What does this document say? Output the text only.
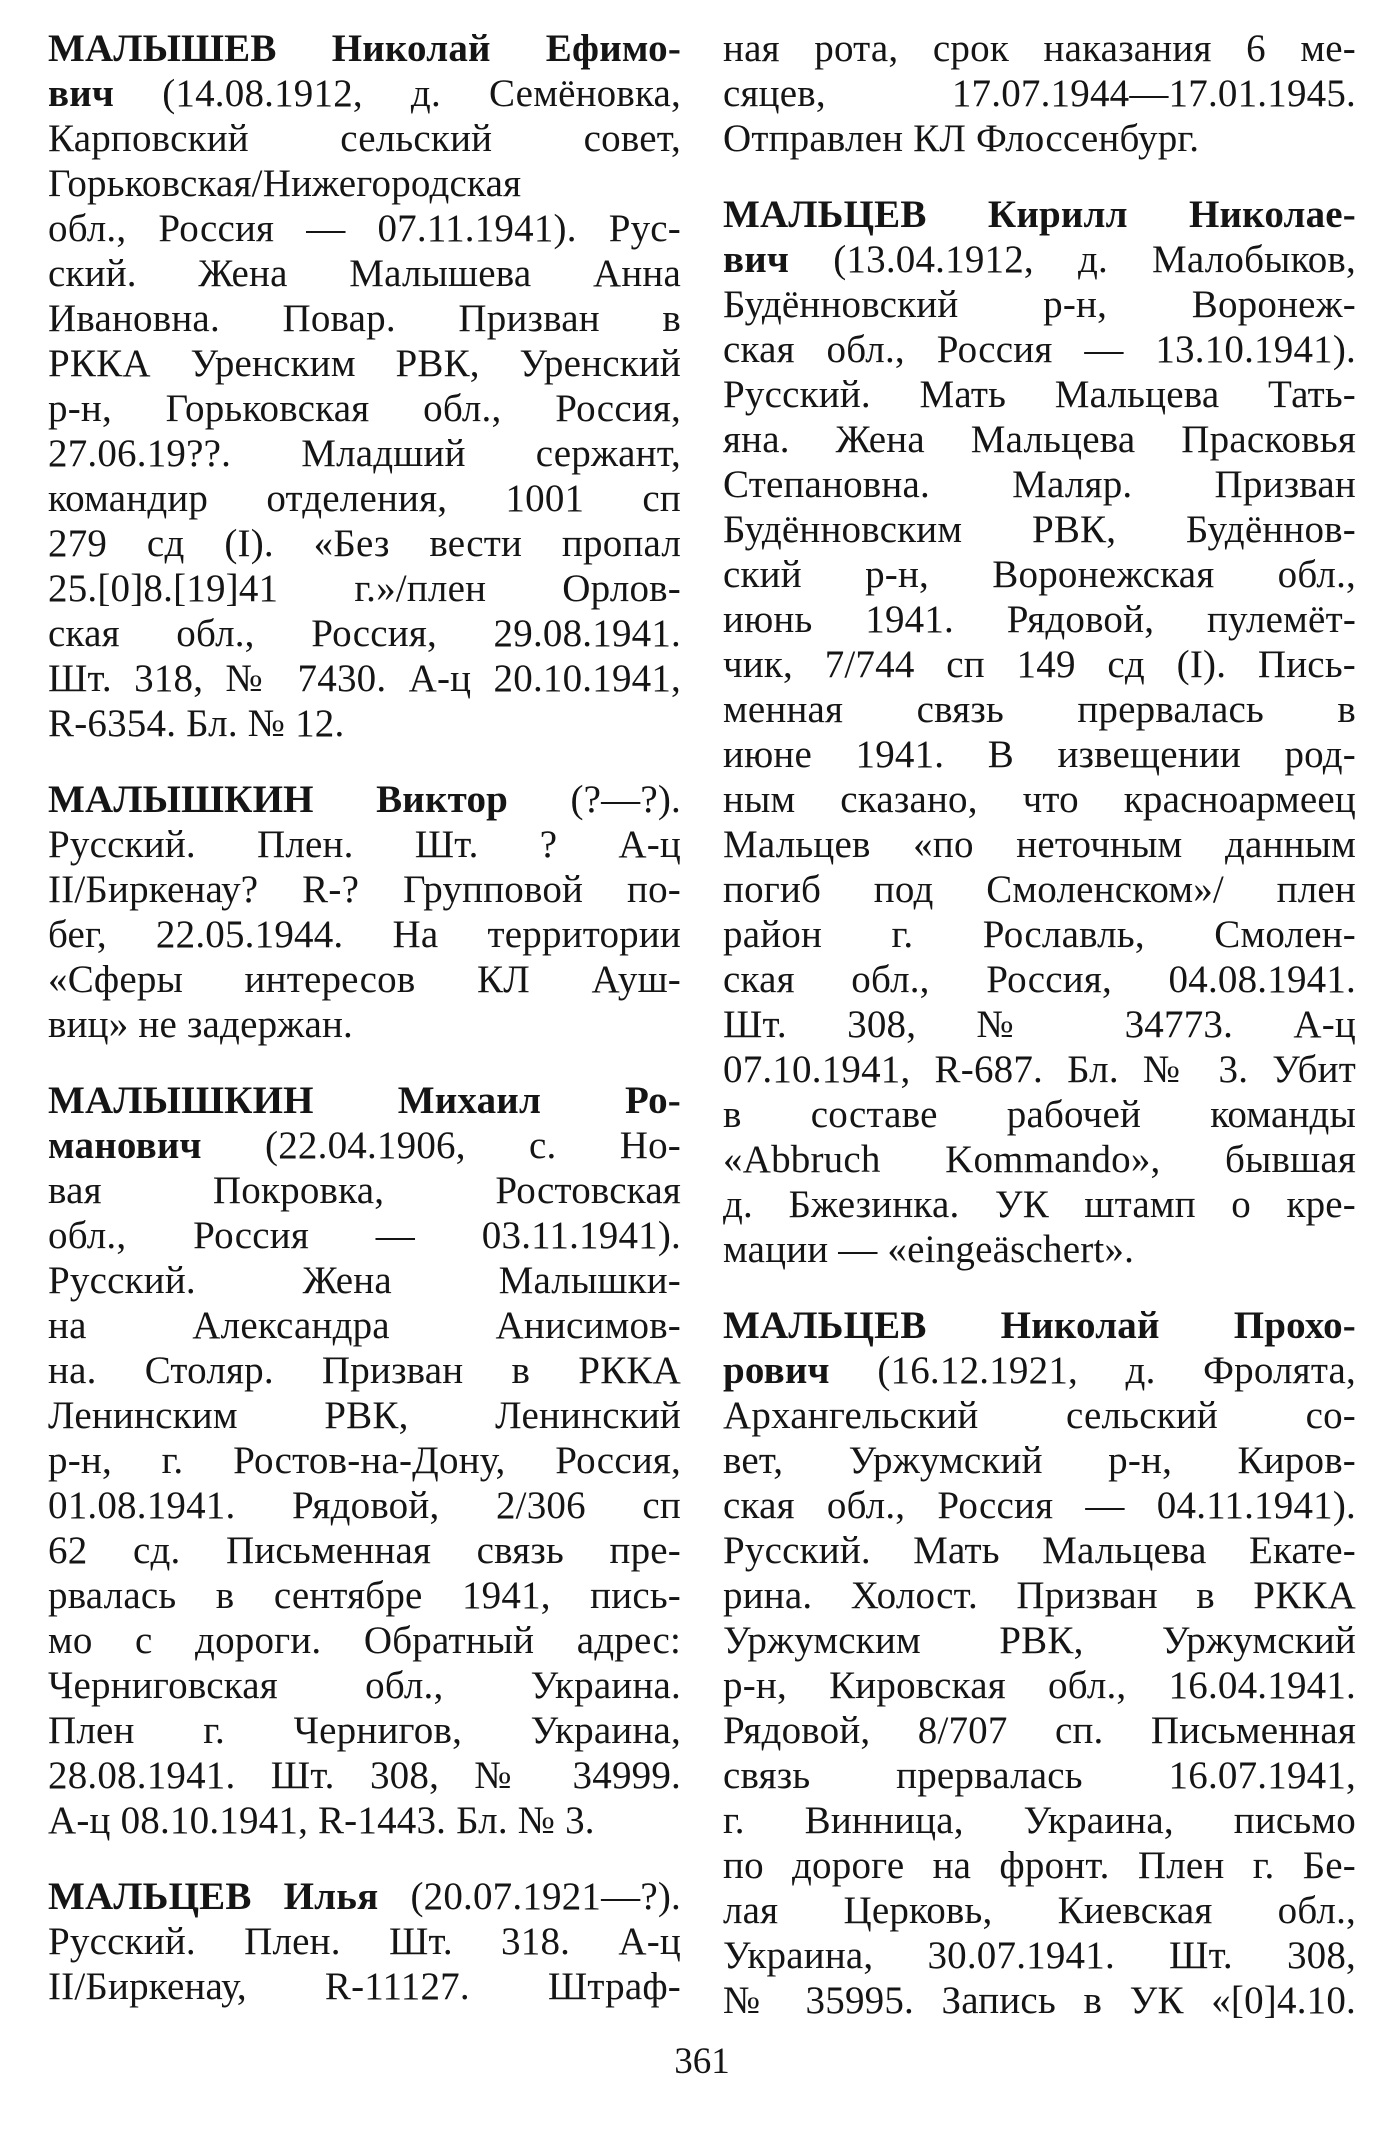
МАЛЫШЕВ Николай Ефимо-

вич (14.08.1912, д. Семёновка,

Карповский сельский совет,

Горьковская/Нижегородская

обл., Россия — 07.11.1941). Рус-

ский. Жена Малышева Анна

Ивановна. Повар. Призван в

РККА Уренским РВК, Уренский

р-н, Горьковская обл., Россия,

27.06.19??. Младший сержант,

командир отделения, 1001 сп

279 сд (I). «Без вести пропал

25.[0]8.[19]41 г.»/плен Орлов-

ская обл., Россия, 29.08.1941.

Шт. 318, № 7430. А-ц 20.10.1941,

R-6354. Бл. № 12.

МАЛЫШКИН Виктор (?—?).

Русский. Плен. Шт. ? А-ц

II/Биркенау? R-? Групповой по-

бег, 22.05.1944. На территории

«Сферы интересов КЛ Ауш-

виц» не задержан.

МАЛЫШКИН Михаил Ро-

манович (22.04.1906, с. Но-

вая Покровка, Ростовская

обл., Россия — 03.11.1941).

Русский. Жена Малышки-

на Александра Анисимов-

на. Столяр. Призван в РККА

Ленинским РВК, Ленинский

р-н, г. Ростов-на-Дону, Россия,

01.08.1941. Рядовой, 2/306 сп

62 сд. Письменная связь пре-

рвалась в сентябре 1941, пись-

мо с дороги. Обратный адрес:

Черниговская обл., Украина.

Плен г. Чернигов, Украина,

28.08.1941. Шт. 308, № 34999.

А-ц 08.10.1941, R-1443. Бл. № 3.

МАЛЬЦЕВ Илья (20.07.1921—?).

Русский. Плен. Шт. 318. А-ц

II/Биркенау, R-11127. Штраф-

ная рота, срок наказания 6 ме-

сяцев, 17.07.1944—17.01.1945.

Отправлен КЛ Флоссенбург.

МАЛЬЦЕВ Кирилл Николае-

вич (13.04.1912, д. Малобыков,

Будённовский р-н, Воронеж-

ская обл., Россия — 13.10.1941).

Русский. Мать Мальцева Тать-

яна. Жена Мальцева Прасковья

Степановна. Маляр. Призван

Будённовским РВК, Будённов-

ский р-н, Воронежская обл.,

июнь 1941. Рядовой, пулемёт-

чик, 7/744 сп 149 сд (I). Пись-

менная связь прервалась в

июне 1941. В извещении род-

ным сказано, что красноармеец

Мальцев «по неточным данным

погиб под Смоленском»/ плен

район г. Рославль, Смолен-

ская обл., Россия, 04.08.1941.

Шт. 308, № 34773. А-ц

07.10.1941, R-687. Бл. № 3. Убит

в составе рабочей команды

«Abbruch Kommando», бывшая

д. Бжезинка. УК штамп о кре-

мации — «eingeäschert».

МАЛЬЦЕВ Николай Прохо-

рович (16.12.1921, д. Фролята,

Архангельский сельский со-

вет, Уржумский р-н, Киров-

ская обл., Россия — 04.11.1941).

Русский. Мать Мальцева Екате-

рина. Холост. Призван в РККА

Уржумским РВК, Уржумский

р-н, Кировская обл., 16.04.1941.

Рядовой, 8/707 сп. Письменная

связь прервалась 16.07.1941,

г. Винница, Украина, письмо

по дороге на фронт. Плен г. Бе-

лая Церковь, Киевская обл.,

Украина, 30.07.1941. Шт. 308,

№ 35995. Запись в УК «[0]4.10.

361
